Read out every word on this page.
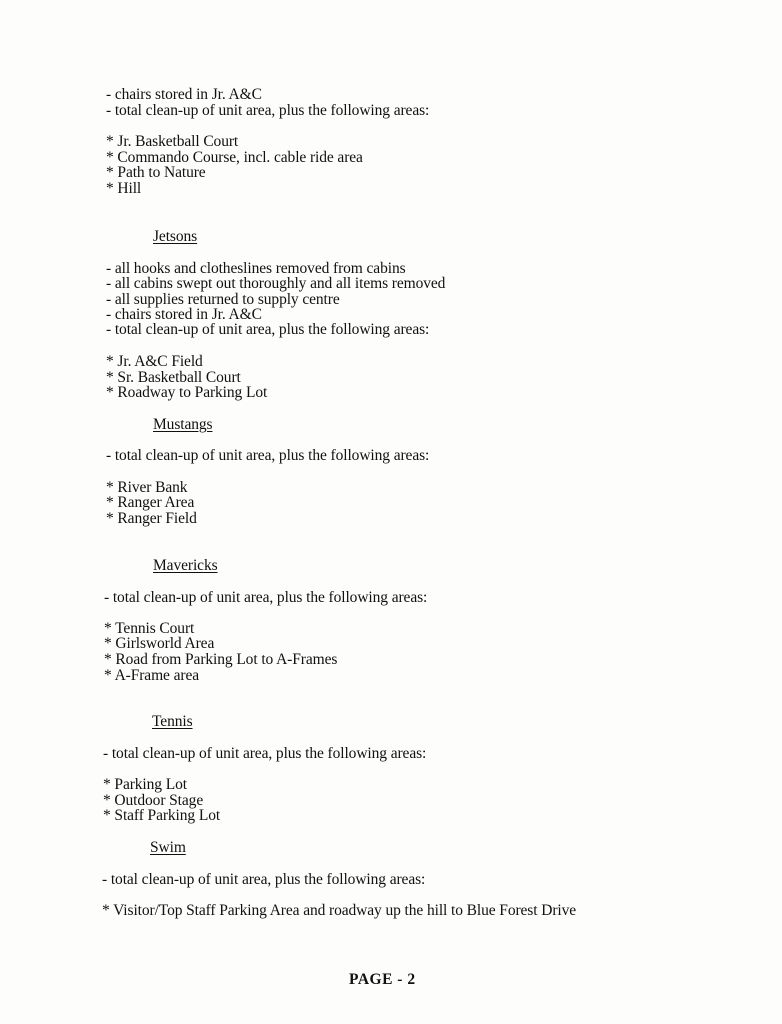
- chairs stored in Jr. A&C
- total clean-up of unit area, plus the following areas:
* Jr. Basketball Court
* Commando Course, incl. cable ride area
* Path to Nature
* Hill
Jetsons
- all hooks and clotheslines removed from cabins
- all cabins swept out thoroughly and all items removed
- all supplies returned to supply centre
- chairs stored in Jr. A&C
- total clean-up of unit area, plus the following areas:
* Jr. A&C Field
* Sr. Basketball Court
* Roadway to Parking Lot
Mustangs
- total clean-up of unit area, plus the following areas:
* River Bank
* Ranger Area
* Ranger Field
Mavericks
- total clean-up of unit area, plus the following areas:
* Tennis Court
* Girlsworld Area
* Road from Parking Lot to A-Frames
* A-Frame area
Tennis
- total clean-up of unit area, plus the following areas:
* Parking Lot
* Outdoor Stage
* Staff Parking Lot
Swim
- total clean-up of unit area, plus the following areas:
* Visitor/Top Staff Parking Area and roadway up the hill to Blue Forest Drive
PAGE - 2
